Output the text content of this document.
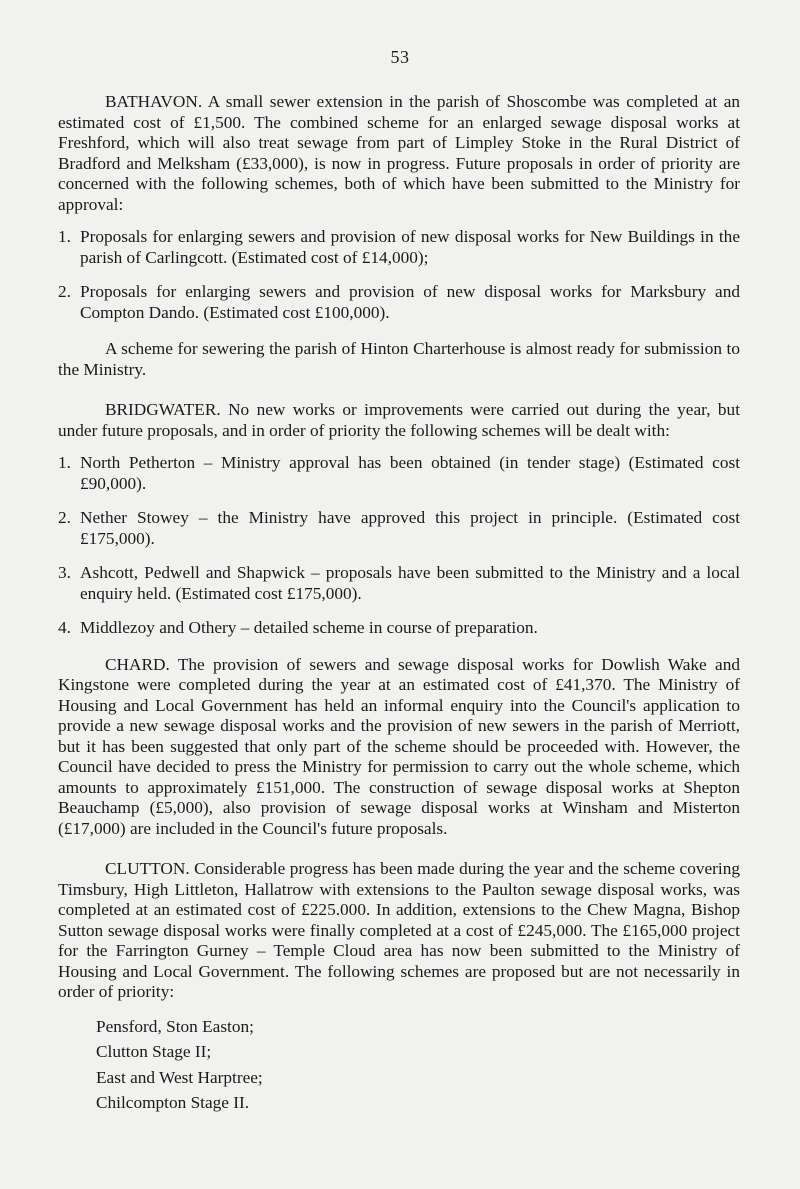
53

BATHAVON. A small sewer extension in the parish of Shoscombe was completed at an estimated cost of £1,500. The combined scheme for an enlarged sewage disposal works at Freshford, which will also treat sewage from part of Limpley Stoke in the Rural District of Bradford and Melksham (£33,000), is now in progress. Future proposals in order of priority are concerned with the following schemes, both of which have been submitted to the Ministry for approval:

1. Proposals for enlarging sewers and provision of new disposal works for New Buildings in the parish of Carlingcott. (Estimated cost of £14,000);
2. Proposals for enlarging sewers and provision of new disposal works for Marksbury and Compton Dando. (Estimated cost £100,000).

A scheme for sewering the parish of Hinton Charterhouse is almost ready for submission to the Ministry.

BRIDGWATER. No new works or improvements were carried out during the year, but under future proposals, and in order of priority the following schemes will be dealt with:

1. North Petherton – Ministry approval has been obtained (in tender stage) (Estimated cost £90,000).
2. Nether Stowey – the Ministry have approved this project in principle. (Estimated cost £175,000).
3. Ashcott, Pedwell and Shapwick – proposals have been submitted to the Ministry and a local enquiry held. (Estimated cost £175,000).
4. Middlezoy and Othery – detailed scheme in course of preparation.

CHARD. The provision of sewers and sewage disposal works for Dowlish Wake and Kingstone were completed during the year at an estimated cost of £41,370. The Ministry of Housing and Local Government has held an informal enquiry into the Council's application to provide a new sewage disposal works and the provision of new sewers in the parish of Merriott, but it has been suggested that only part of the scheme should be proceeded with. However, the Council have decided to press the Ministry for permission to carry out the whole scheme, which amounts to approximately £151,000. The construction of sewage disposal works at Shepton Beauchamp (£5,000), also provision of sewage disposal works at Winsham and Misterton (£17,000) are included in the Council's future proposals.

CLUTTON. Considerable progress has been made during the year and the scheme covering Timsbury, High Littleton, Hallatrow with extensions to the Paulton sewage disposal works, was completed at an estimated cost of £225.000. In addition, extensions to the Chew Magna, Bishop Sutton sewage disposal works were finally completed at a cost of £245,000. The £165,000 project for the Farrington Gurney – Temple Cloud area has now been submitted to the Ministry of Housing and Local Government. The following schemes are proposed but are not necessarily in order of priority:

Pensford, Ston Easton;
Clutton Stage II;
East and West Harptree;
Chilcompton Stage II.
